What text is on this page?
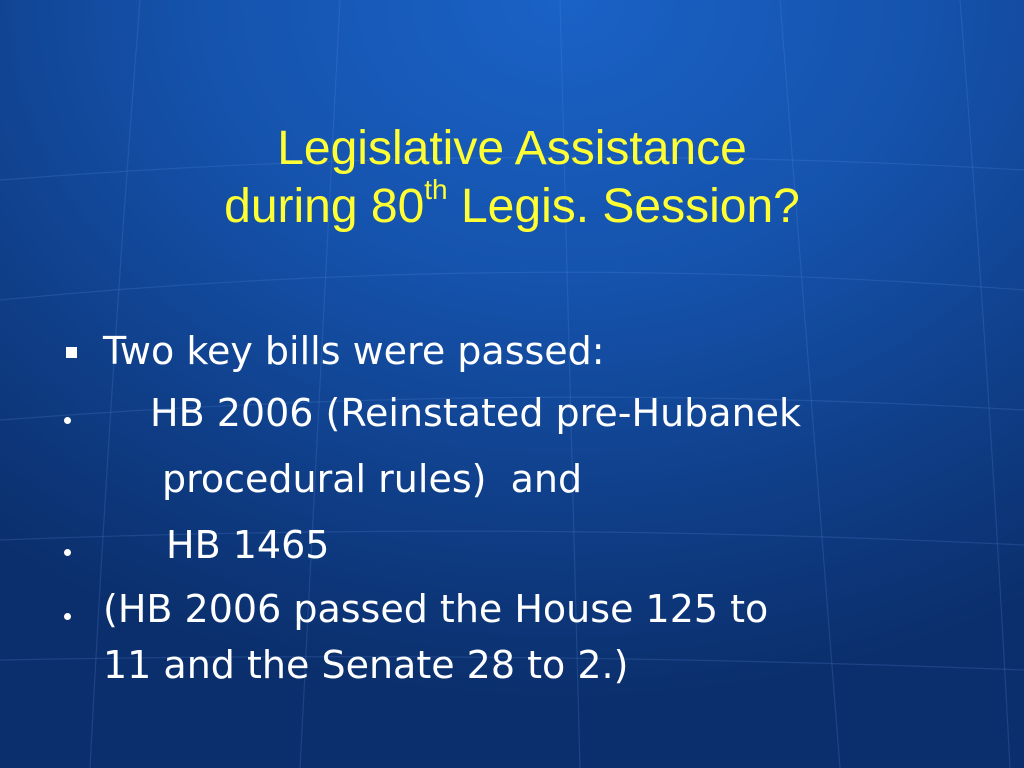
Legislative Assistance
during 80th Legis. Session?
Two key bills were passed:
HB 2006 (Reinstated pre-Hubanek
procedural rules)  and
HB 1465
(HB 2006 passed the House 125 to
11 and the Senate 28 to 2.)
